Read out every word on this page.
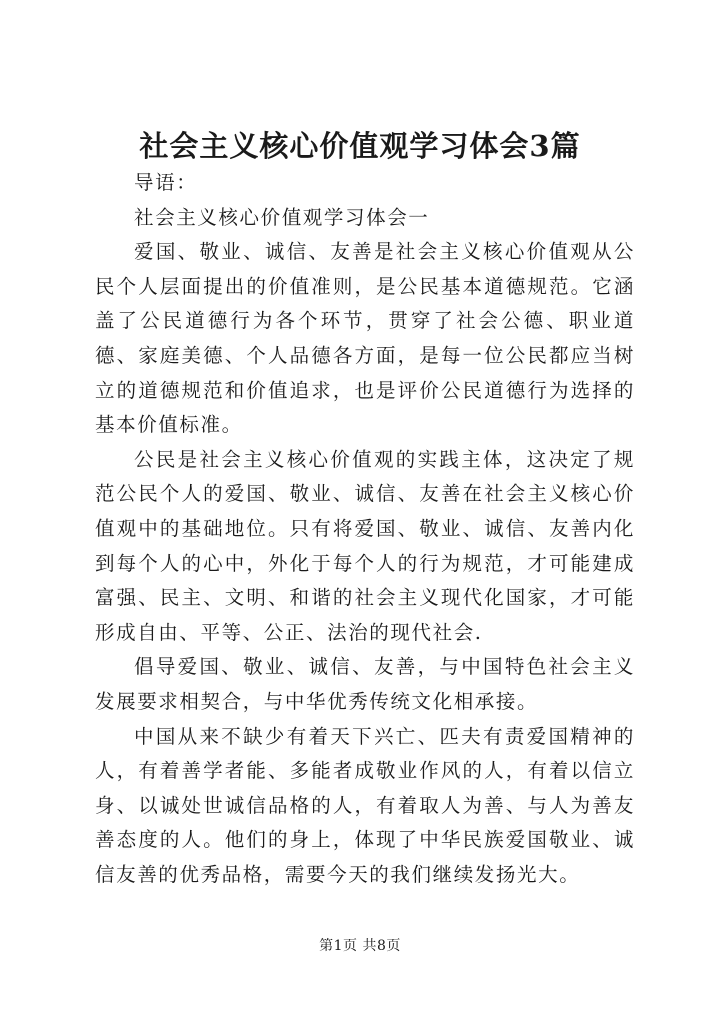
社会主义核心价值观学习体会3篇

导语：

社会主义核心价值观学习体会一

爱国、敬业、诚信、友善是社会主义核心价值观从公民个人层面提出的价值准则，是公民基本道德规范。它涵盖了公民道德行为各个环节，贯穿了社会公德、职业道德、家庭美德、个人品德各方面，是每一位公民都应当树立的道德规范和价值追求，也是评价公民道德行为选择的基本价值标准。

公民是社会主义核心价值观的实践主体，这决定了规范公民个人的爱国、敬业、诚信、友善在社会主义核心价值观中的基础地位。只有将爱国、敬业、诚信、友善内化到每个人的心中，外化于每个人的行为规范，才可能建成富强、民主、文明、和谐的社会主义现代化国家，才可能形成自由、平等、公正、法治的现代社会.

倡导爱国、敬业、诚信、友善，与中国特色社会主义发展要求相契合，与中华优秀传统文化相承接。

中国从来不缺少有着天下兴亡、匹夫有责爱国精神的人，有着善学者能、多能者成敬业作风的人，有着以信立身、以诚处世诚信品格的人，有着取人为善、与人为善友善态度的人。他们的身上，体现了中华民族爱国敬业、诚信友善的优秀品格，需要今天的我们继续发扬光大。

第1页 共8页
